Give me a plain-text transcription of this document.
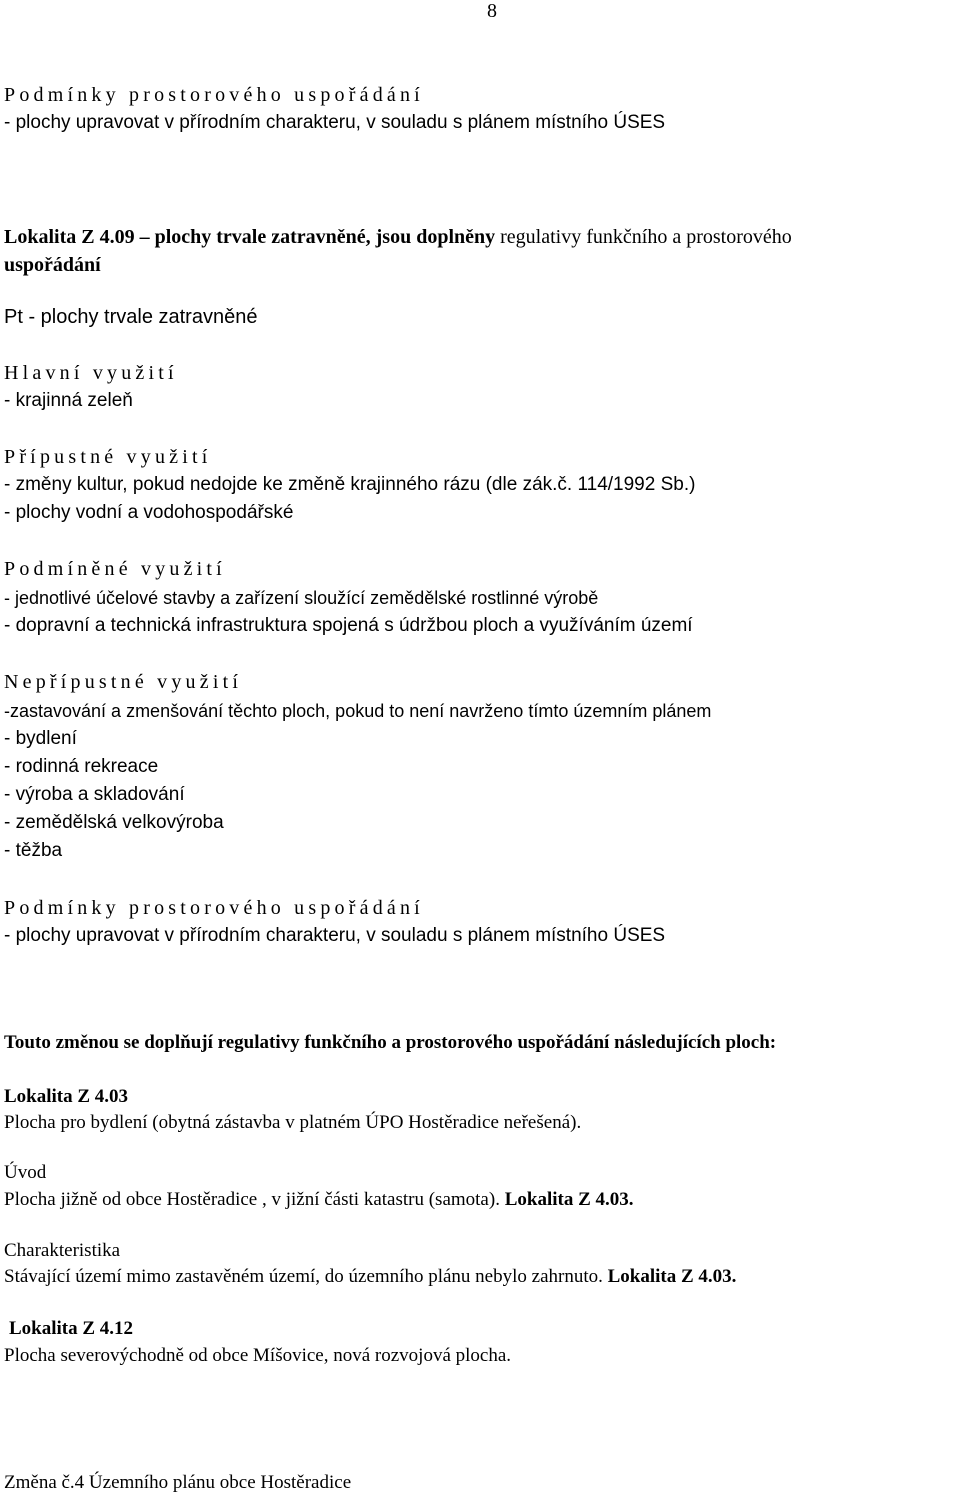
8
Podmínky prostorového uspořádání
- plochy upravovat v přírodním charakteru, v souladu s plánem místního ÚSES
Lokalita Z 4.09 – plochy trvale zatravněné, jsou doplněny regulativy funkčního a prostorového
uspořádání
Pt - plochy trvale zatravněné
Hlavní využití
- krajinná zeleň
Přípustné využití
- změny kultur, pokud nedojde ke změně krajinného rázu (dle zák.č. 114/1992 Sb.)
- plochy vodní a vodohospodářské
Podmíněné využití
- jednotlivé účelové stavby a zařízení sloužící zemědělské rostlinné výrobě
- dopravní a technická infrastruktura spojená s údržbou ploch a využíváním území
Nepřípustné využití
-zastavování a zmenšování těchto ploch, pokud to není navrženo tímto územním plánem
- bydlení
- rodinná rekreace
- výroba a skladování
- zemědělská velkovýroba
- těžba
Podmínky prostorového uspořádání
- plochy upravovat v přírodním charakteru, v souladu s plánem místního ÚSES
Touto změnou se doplňují regulativy funkčního a prostorového uspořádání následujících ploch:
Lokalita Z 4.03
Plocha pro bydlení (obytná zástavba v platném ÚPO Hostěradice neřešená).
Úvod
Plocha jižně od obce Hostěradice , v jižní části katastru (samota). Lokalita Z 4.03.
Charakteristika
Stávající území mimo zastavěném území, do územního plánu nebylo zahrnuto. Lokalita Z 4.03.
Lokalita Z 4.12
Plocha severovýchodně od obce Míšovice, nová rozvojová plocha.
Změna č.4 Územního plánu obce Hostěradice
